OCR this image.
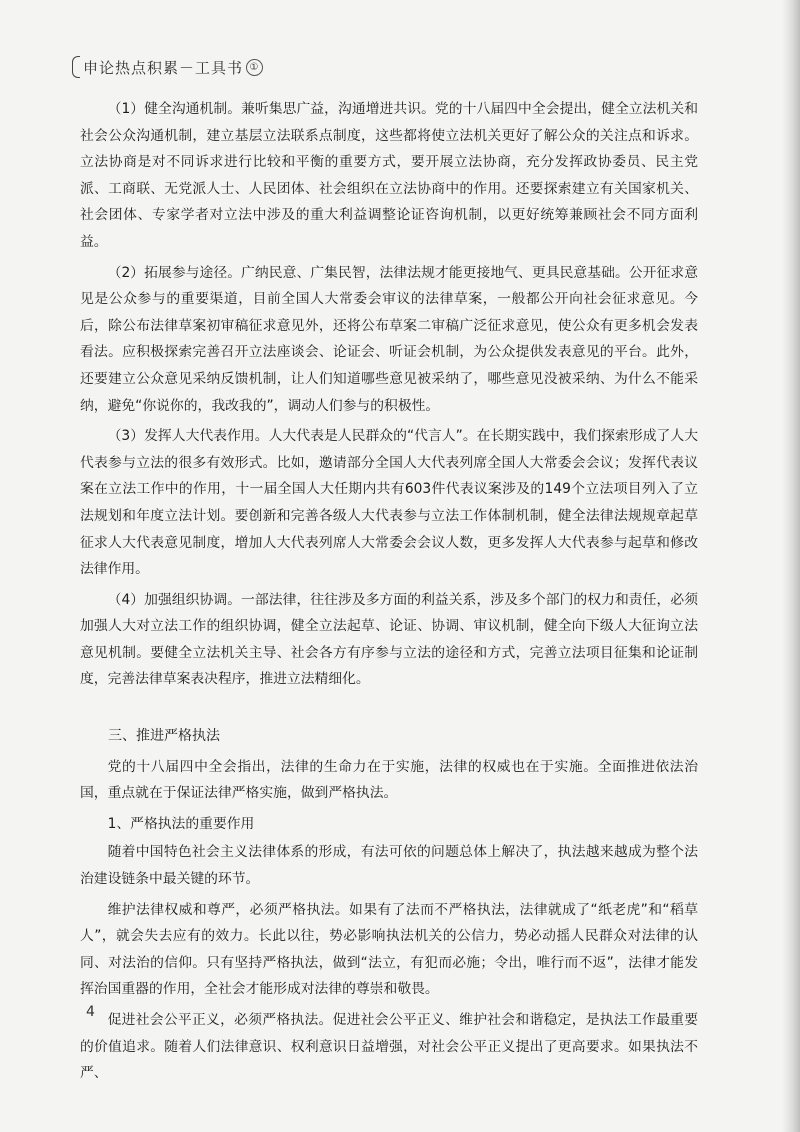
申论热点积累－工具书 ①

（1）健全沟通机制。兼听集思广益，沟通增进共识。党的十八届四中全会提出，健全立法机关和社会公众沟通机制，建立基层立法联系点制度，这些都将使立法机关更好了解公众的关注点和诉求。立法协商是对不同诉求进行比较和平衡的重要方式，要开展立法协商，充分发挥政协委员、民主党派、工商联、无党派人士、人民团体、社会组织在立法协商中的作用。还要探索建立有关国家机关、社会团体、专家学者对立法中涉及的重大利益调整论证咨询机制，以更好统筹兼顾社会不同方面利益。

（2）拓展参与途径。广纳民意、广集民智，法律法规才能更接地气、更具民意基础。公开征求意见是公众参与的重要渠道，目前全国人大常委会审议的法律草案，一般都公开向社会征求意见。今后，除公布法律草案初审稿征求意见外，还将公布草案二审稿广泛征求意见，使公众有更多机会发表看法。应积极探索完善召开立法座谈会、论证会、听证会机制，为公众提供发表意见的平台。此外，还要建立公众意见采纳反馈机制，让人们知道哪些意见被采纳了，哪些意见没被采纳、为什么不能采纳，避免“你说你的，我改我的”，调动人们参与的积极性。

（3）发挥人大代表作用。人大代表是人民群众的“代言人”。在长期实践中，我们探索形成了人大代表参与立法的很多有效形式。比如，邀请部分全国人大代表列席全国人大常委会会议；发挥代表议案在立法工作中的作用，十一届全国人大任期内共有603件代表议案涉及的149个立法项目列入了立法规划和年度立法计划。要创新和完善各级人大代表参与立法工作体制机制，健全法律法规规章起草征求人大代表意见制度，增加人大代表列席人大常委会会议人数，更多发挥人大代表参与起草和修改法律作用。

（4）加强组织协调。一部法律，往往涉及多方面的利益关系，涉及多个部门的权力和责任，必须加强人大对立法工作的组织协调，健全立法起草、论证、协调、审议机制，健全向下级人大征询立法意见机制。要健全立法机关主导、社会各方有序参与立法的途径和方式，完善立法项目征集和论证制度，完善法律草案表决程序，推进立法精细化。

三、推进严格执法

党的十八届四中全会指出，法律的生命力在于实施，法律的权威也在于实施。全面推进依法治国，重点就在于保证法律严格实施，做到严格执法。

1、严格执法的重要作用

随着中国特色社会主义法律体系的形成，有法可依的问题总体上解决了，执法越来越成为整个法治建设链条中最关键的环节。

维护法律权威和尊严，必须严格执法。如果有了法而不严格执法，法律就成了“纸老虎”和“稻草人”，就会失去应有的效力。长此以往，势必影响执法机关的公信力，势必动摇人民群众对法律的认同、对法治的信仰。只有坚持严格执法，做到“法立，有犯而必施；令出，唯行而不返”，法律才能发挥治国重器的作用，全社会才能形成对法律的尊崇和敬畏。

促进社会公平正义，必须严格执法。促进社会公平正义、维护社会和谐稳定，是执法工作最重要的价值追求。随着人们法律意识、权利意识日益增强，对社会公平正义提出了更高要求。如果执法不严、

4
